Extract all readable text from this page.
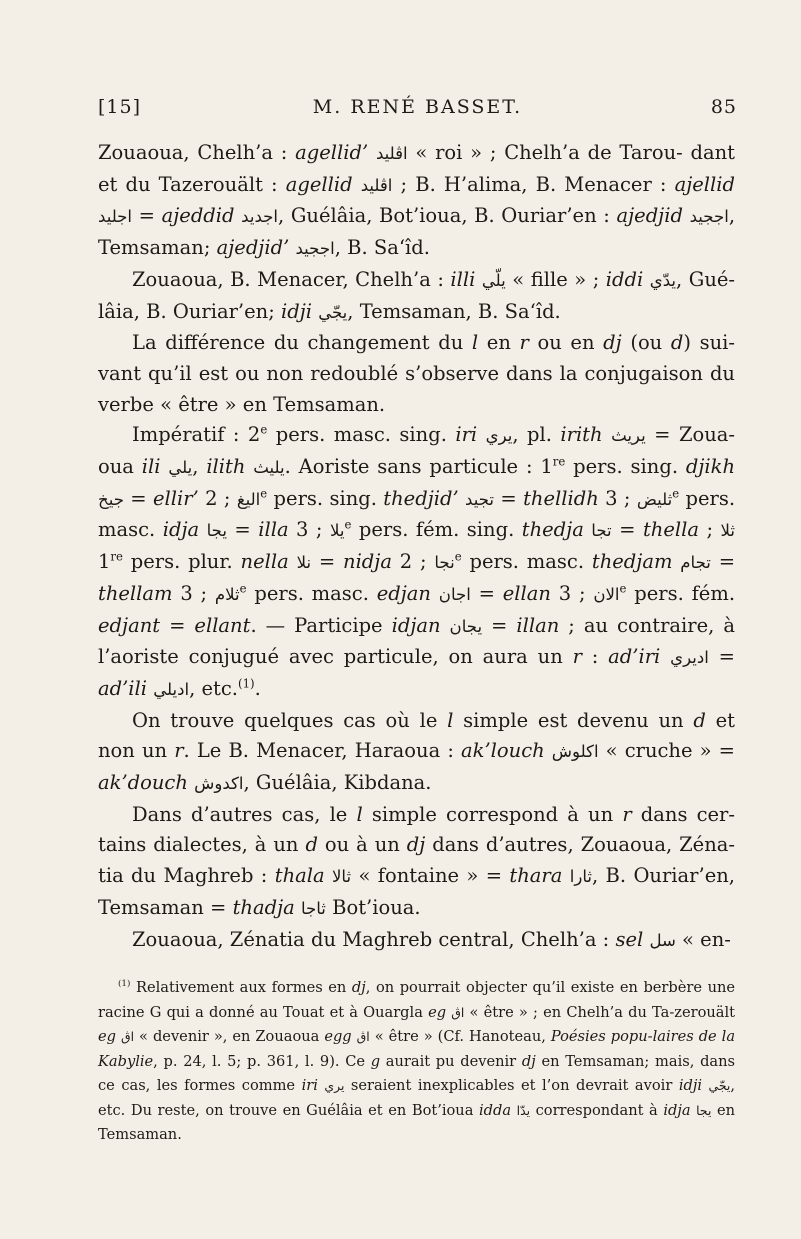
[15]	M. RENÉ BASSET.	85

Zouaoua, Chelh’a : agellid’ اڨليد « roi » ; Chelh’a de Tarou- dant et du Tazerouält : agellid اڨليد ; B. H’alima, B. Menacer : ajellid اجليد = ajeddid اجديد, Guélâia, Bot’ioua, B. Ouriar’en : ajedjid اججيد, Temsaman; ajedjid’ اججيد, B. Sa‘îd.

Zouaoua, B. Menacer, Chelh’a : illi يلّي « fille » ; iddi يدّي, Gué-lâia, B. Ouriar’en; idji يجّي, Temsaman, B. Sa‘îd.

La différence du changement du l en r ou en dj (ou d) sui-vant qu’il est ou non redoublé s’observe dans la conjugaison du verbe « être » en Temsaman.

Impératif : 2e pers. masc. sing. iri يري, pl. irith يريث = Zoua-oua ili يلي, ilith يليث. Aoriste sans particule : 1re pers. sing. djikh جيخ = ellir’ اليغ ; 2 $^e$ pers. sing. thedjid’ تجيد = thellidh ثليض ; 3	$^e$ pers. masc. idja يجا = illa يلا ; 3 $^e$ pers. fém. sing. thedja تجا = thella ثلا ; 1re pers. plur. nella نلا = nidja	نجا ; 2 $^e$ pers. masc. thedjam تجام = thellam	ثلام ; 3 $^e$ pers. masc. edjan اجان = ellan	الان ; 3 $^e$ pers. fém. edjant = ellant. — Participe idjan يجان = illan ; au contraire, à l’aoriste conjugué avec particule, on aura un r : ad’iri اديري = ad’ili اديلي, etc.$^{(1)}$.

On trouve quelques cas où le l simple est devenu un d et non un r. Le B. Menacer, Haraoua : ak’louch اكلوش « cruche » = ak’douch اكدوش, Guélâia, Kibdana.

Dans d’autres cas, le l simple correspond à un r dans cer-tains dialectes, à un d ou à un dj dans d’autres, Zouaoua, Zéna-tia du Maghreb : thala ثالا « fontaine » = thara ثارا, B. Ouriar’en, Temsaman = thadja ثاجا Bot’ioua.

Zouaoua, Zénatia du Maghreb central, Chelh’a : sel سل « en-

$^{(1)}$ Relativement aux formes en dj, on pourrait objecter qu’il existe en berbère une racine G qui a donné au Touat et à Ouargla eg اڨ « être » ; en Chelh’a du Ta-zerouält eg اڨ « devenir », en Zouaoua egg اڨ « être » (Cf. Hanoteau, Poésies popu-laires de la Kabylie, p. 24, l. 5; p. 361, l. 9). Ce g aurait pu devenir dj en Temsaman; mais, dans ce cas, les formes comme iri يري seraient inexplicables et l’on devrait avoir idji يجّي, etc. Du reste, on trouve en Guélâia et en Bot’ioua idda يدّا correspondant à idja يجا en Temsaman.
